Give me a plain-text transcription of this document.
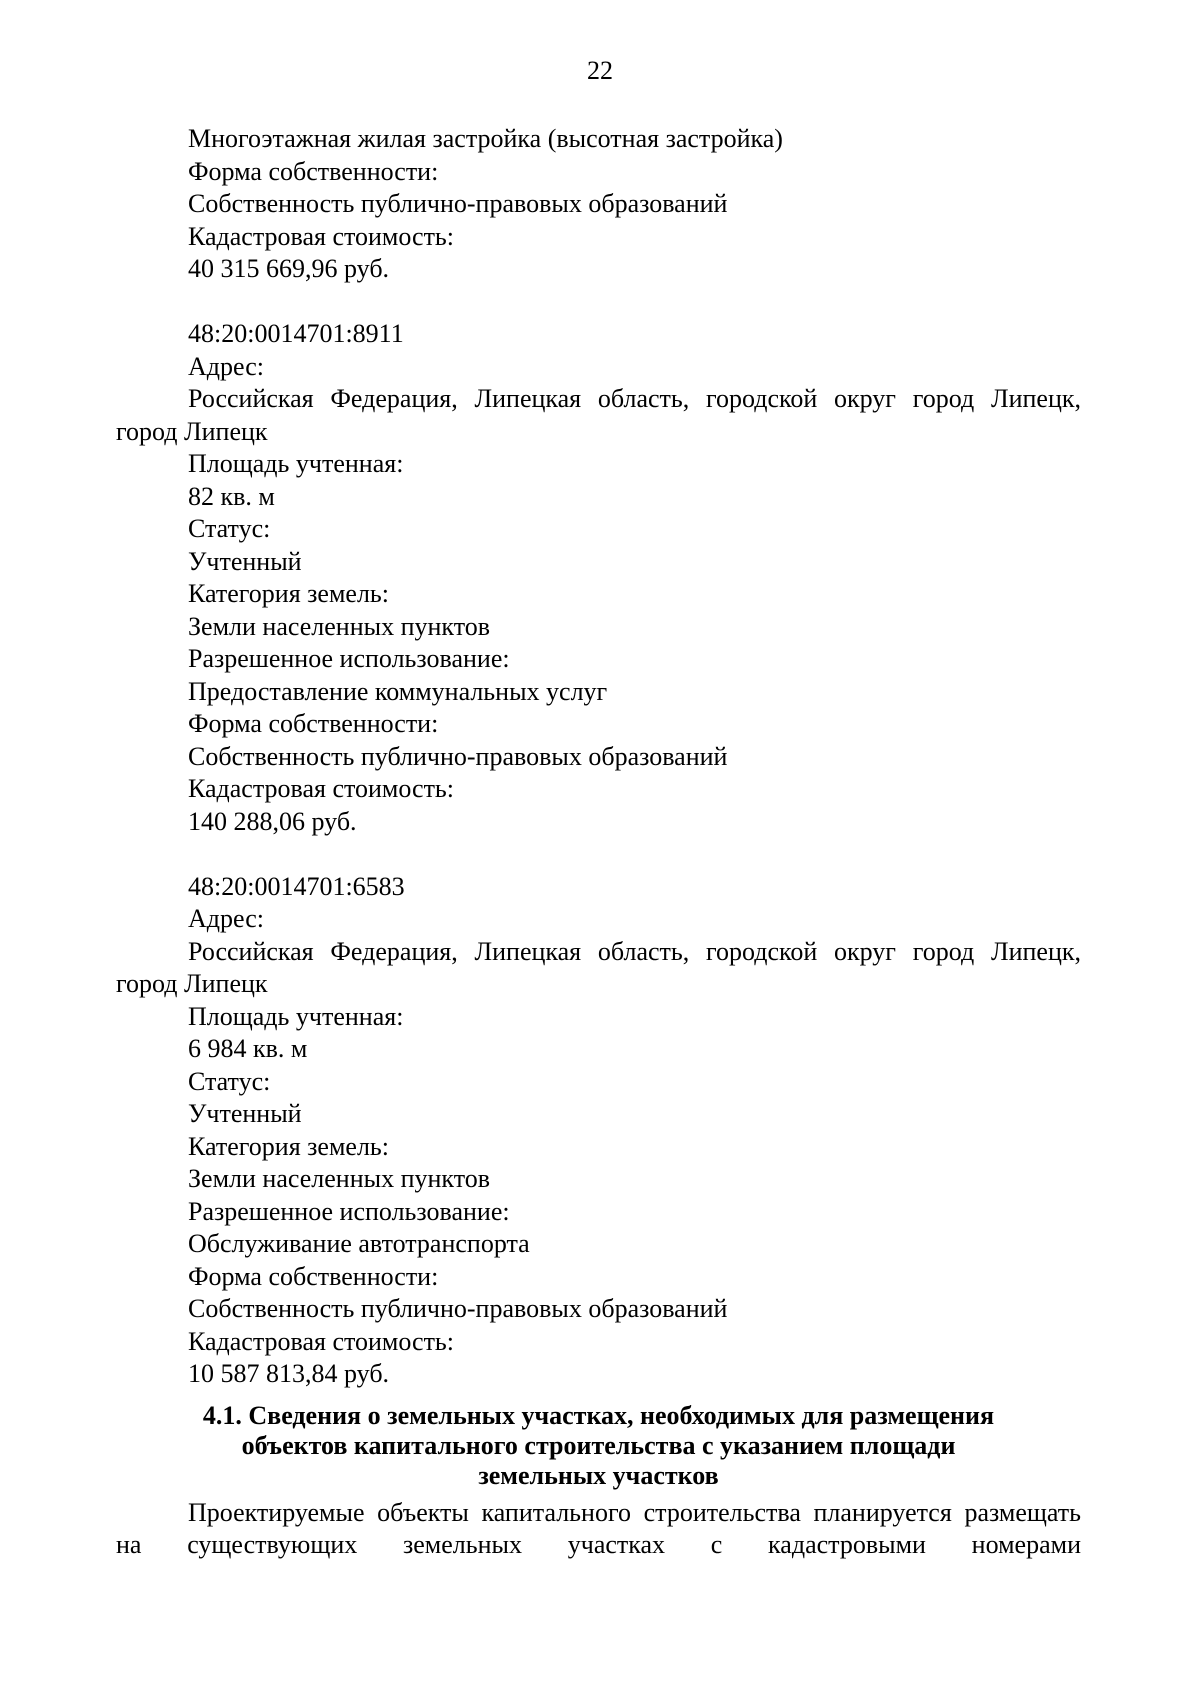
22
Многоэтажная жилая застройка (высотная застройка)
Форма собственности:
Собственность публично-правовых образований
Кадастровая стоимость:
40 315 669,96 руб.
48:20:0014701:8911
Адрес:
Российская Федерация, Липецкая область, городской округ город Липецк,
город Липецк
Площадь учтенная:
82 кв. м
Статус:
Учтенный
Категория земель:
Земли населенных пунктов
Разрешенное использование:
Предоставление коммунальных услуг
Форма собственности:
Собственность публично-правовых образований
Кадастровая стоимость:
140 288,06 руб.
48:20:0014701:6583
Адрес:
Российская Федерация, Липецкая область, городской округ город Липецк,
город Липецк
Площадь учтенная:
6 984 кв. м
Статус:
Учтенный
Категория земель:
Земли населенных пунктов
Разрешенное использование:
Обслуживание автотранспорта
Форма собственности:
Собственность публично-правовых образований
Кадастровая стоимость:
10 587 813,84 руб.
4.1. Сведения о земельных участках, необходимых для размещения
объектов капитального строительства с указанием площади
земельных участков
Проектируемые объекты капитального строительства планируется размещать
на существующих земельных участках с кадастровыми номерами
